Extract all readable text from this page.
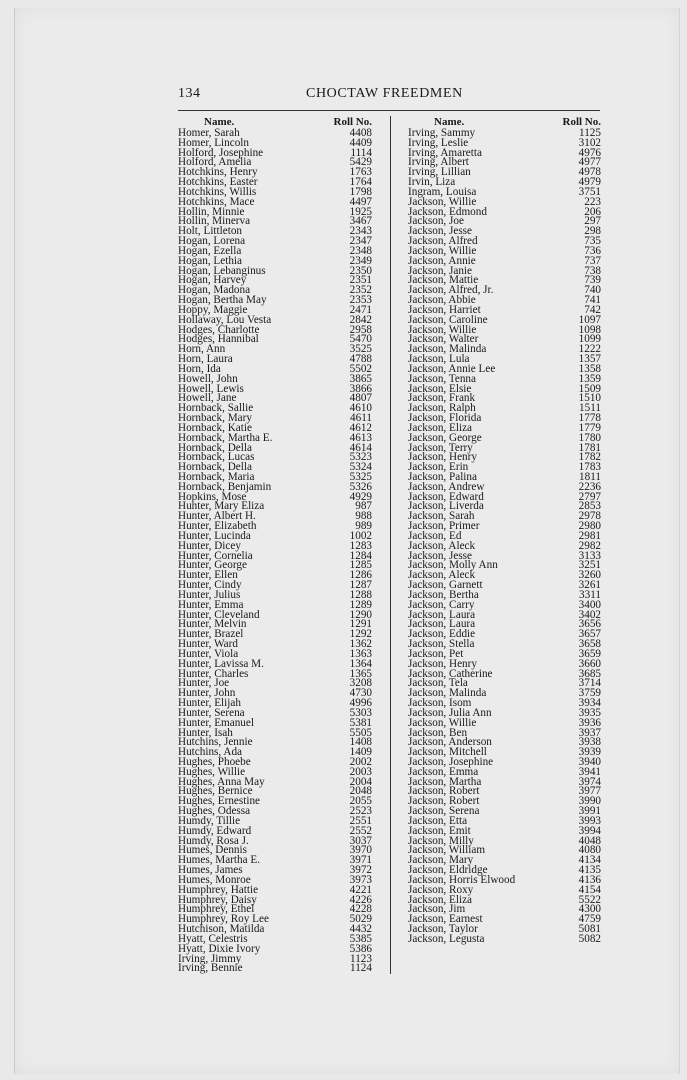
134	CHOCTAW FREEDMEN
Name.	Roll No.
Homer, Sarah	4408
Homer, Lincoln	4409
Holford, Josephine	1114
Holford, Amelia	5429
Hotchkins, Henry	1763
Hotchkins, Easter	1764
Hotchkins, Willis	1798
Hotchkins, Mace	4497
Hollin, Minnie	1925
Hollin, Minerva	3467
Holt, Littleton	2343
Hogan, Lorena	2347
Hogan, Ezella	2348
Hogan, Lethia	2349
Hogan, Lebanginus	2350
Hogan, Harvey	2351
Hogan, Madona	2352
Hogan, Bertha May	2353
Hoppy, Maggie	2471
Hollaway, Lou Vesta	2842
Hodges, Charlotte	2958
Hodges, Hannibal	5470
Horn, Ann	3525
Horn, Laura	4788
Horn, Ida	5502
Howell, John	3865
Howell, Lewis	3866
Howell, Jane	4807
Hornback, Sallie	4610
Hornback, Mary	4611
Hornback, Katie	4612
Hornback, Martha E.	4613
Hornback, Della	4614
Hornback, Lucas	5323
Hornback, Della	5324
Hornback, Maria	5325
Hornback, Benjamin	5326
Hopkins, Mose	4929
Hunter, Mary Eliza	987
Hunter, Albert H.	988
Hunter, Elizabeth	989
Hunter, Lucinda	1002
Hunter, Dicey	1283
Hunter, Cornelia	1284
Hunter, George	1285
Hunter, Ellen	1286
Hunter, Cindy	1287
Hunter, Julius	1288
Hunter, Emma	1289
Hunter, Cleveland	1290
Hunter, Melvin	1291
Hunter, Brazel	1292
Hunter, Ward	1362
Hunter, Viola	1363
Hunter, Lavissa M.	1364
Hunter, Charles	1365
Hunter, Joe	3208
Hunter, John	4730
Hunter, Elijah	4996
Hunter, Serena	5303
Hunter, Emanuel	5381
Hunter, Isah	5505
Hutchins, Jennie	1408
Hutchins, Ada	1409
Hughes, Phoebe	2002
Hughes, Willie	2003
Hughes, Anna May	2004
Hughes, Bernice	2048
Hughes, Ernestine	2055
Hughes, Odessa	2523
Humdy, Tillie	2551
Humdy, Edward	2552
Humdy, Rosa J.	3037
Humes, Dennis	3970
Humes, Martha E.	3971
Humes, James	3972
Humes, Monroe	3973
Humphrey, Hattie	4221
Humphrey, Daisy	4226
Humphrey, Ethel	4228
Humphrey, Roy Lee	5029
Hutchison, Matilda	4432
Hyatt, Celestris	5385
Hyatt, Dixie Ivory	5386
Irving, Jimmy	1123
Irving, Bennie	1124
Name.	Roll No.
Irving, Sammy	1125
Irving, Leslie	3102
Irving, Amaretta	4976
Irving, Albert	4977
Irving, Lillian	4978
Irvin, Liza	4979
Ingram, Louisa	3751
Jackson, Willie	223
Jackson, Edmond	206
Jackson, Joe	297
Jackson, Jesse	298
Jackson, Alfred	735
Jackson, Willie	736
Jackson, Annie	737
Jackson, Janie	738
Jackson, Mattie	739
Jackson, Alfred, Jr.	740
Jackson, Abbie	741
Jackson, Harriet	742
Jackson, Caroline	1097
Jackson, Willie	1098
Jackson, Walter	1099
Jackson, Malinda	1222
Jackson, Lula	1357
Jackson, Annie Lee	1358
Jackson, Tenna	1359
Jackson, Elsie	1509
Jackson, Frank	1510
Jackson, Ralph	1511
Jackson, Florida	1778
Jackson, Eliza	1779
Jackson, George	1780
Jackson, Terry	1781
Jackson, Henry	1782
Jackson, Erin	1783
Jackson, Palina	1811
Jackson, Andrew	2236
Jackson, Edward	2797
Jackson, Liverda	2853
Jackson, Sarah	2978
Jackson, Primer	2980
Jackson, Ed	2981
Jackson, Aleck	2982
Jackson, Jesse	3133
Jackson, Molly Ann	3251
Jackson, Aleck	3260
Jackson, Garnett	3261
Jackson, Bertha	3311
Jackson, Carry	3400
Jackson, Laura	3402
Jackson, Laura	3656
Jackson, Eddie	3657
Jackson, Stella	3658
Jackson, Pet	3659
Jackson, Henry	3660
Jackson, Catherine	3685
Jackson, Tela	3714
Jackson, Malinda	3759
Jackson, Isom	3934
Jackson, Julia Ann	3935
Jackson, Willie	3936
Jackson, Ben	3937
Jackson, Anderson	3938
Jackson, Mitchell	3939
Jackson, Josephine	3940
Jackson, Emma	3941
Jackson, Martha	3974
Jackson, Robert	3977
Jackson, Robert	3990
Jackson, Serena	3991
Jackson, Etta	3993
Jackson, Emit	3994
Jackson, Milly	4048
Jackson, William	4080
Jackson, Mary	4134
Jackson, Eldridge	4135
Jackson, Horris Elwood	4136
Jackson, Roxy	4154
Jackson, Eliza	5522
Jackson, Jim	4300
Jackson, Earnest	4759
Jackson, Taylor	5081
Jackson, Legusta	5082
